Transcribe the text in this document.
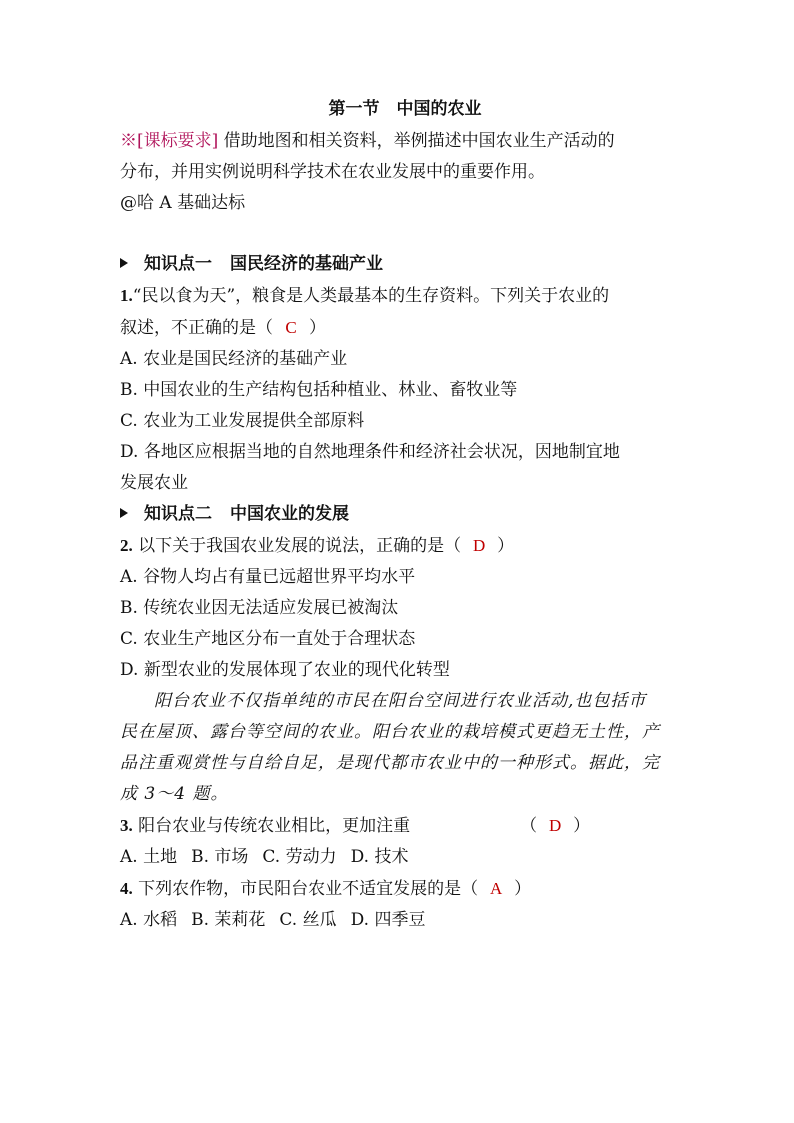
第一节　中国的农业
※[课标要求] 借助地图和相关资料，举例描述中国农业生产活动的
分布，并用实例说明科学技术在农业发展中的重要作用。
@哈 A 基础达标
知识点一 国民经济的基础产业
1.“民以食为天”，粮食是人类最基本的生存资料。下列关于农业的
叙述，不正确的是（ C ）
A. 农业是国民经济的基础产业
B. 中国农业的生产结构包括种植业、林业、畜牧业等
C. 农业为工业发展提供全部原料
D. 各地区应根据当地的自然地理条件和经济社会状况，因地制宜地
发展农业
知识点二 中国农业的发展
2. 以下关于我国农业发展的说法，正确的是（ D ）
A. 谷物人均占有量已远超世界平均水平
B. 传统农业因无法适应发展已被淘汰
C. 农业生产地区分布一直处于合理状态
D. 新型农业的发展体现了农业的现代化转型
阳台农业不仅指单纯的市民在阳台空间进行农业活动,也包括市
民在屋顶、露台等空间的农业。阳台农业的栽培模式更趋无土性，产
品注重观赏性与自给自足，是现代都市农业中的一种形式。据此，完
成 3～4 题。
3. 阳台农业与传统农业相比，更加注重	（ D ）
A. 土地 B. 市场 C. 劳动力 D. 技术
4. 下列农作物，市民阳台农业不适宜发展的是（ A ）
A. 水稻 B. 茉莉花 C. 丝瓜 D. 四季豆
